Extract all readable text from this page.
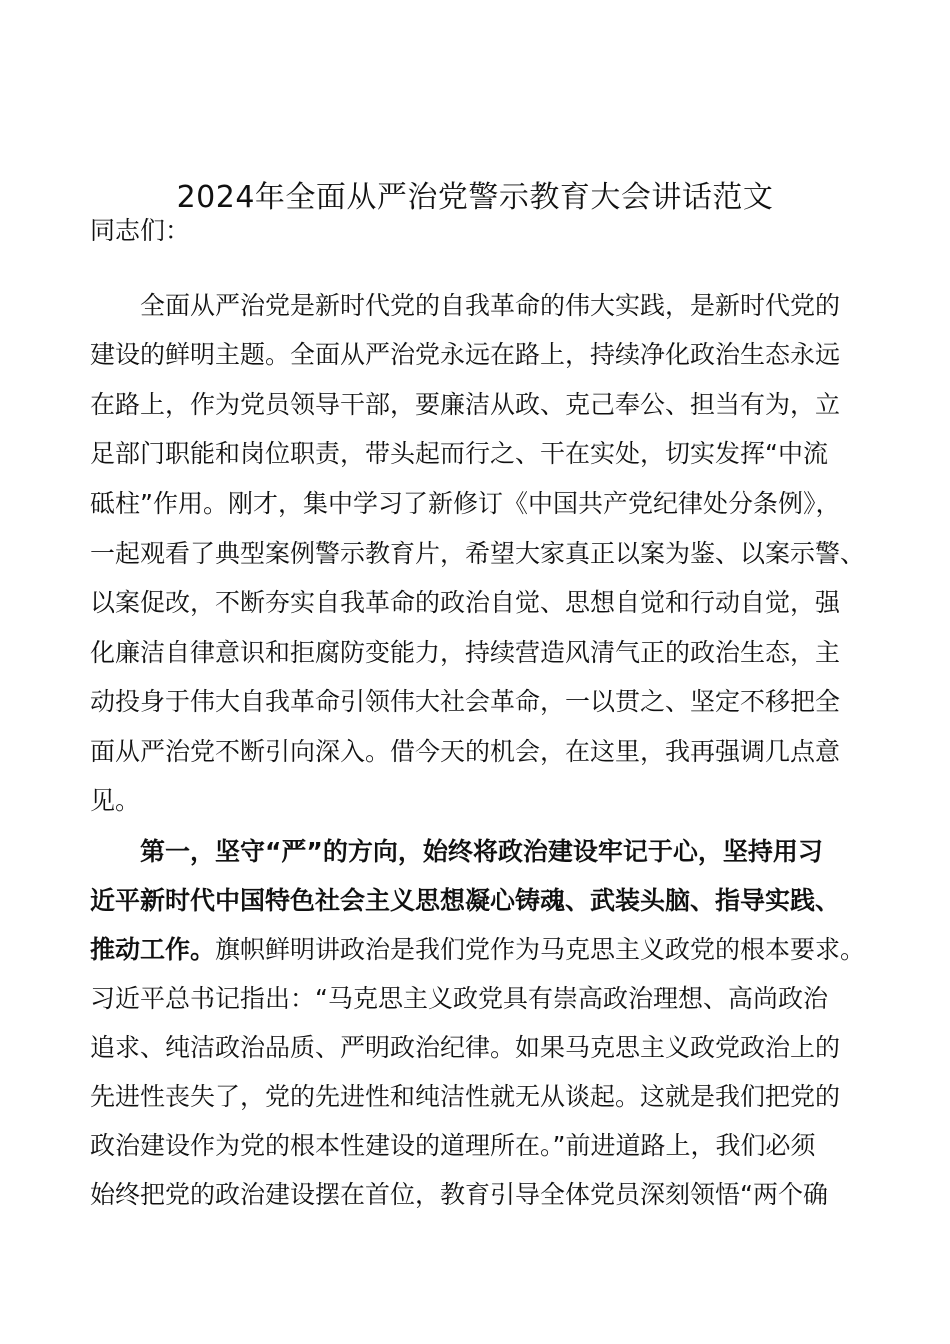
2024年全面从严治党警示教育大会讲话范文
同志们：
全面从严治党是新时代党的自我革命的伟大实践，是新时代党的
建设的鲜明主题。全面从严治党永远在路上，持续净化政治生态永远
在路上，作为党员领导干部，要廉洁从政、克己奉公、担当有为，立
足部门职能和岗位职责，带头起而行之、干在实处，切实发挥“中流
砥柱”作用。刚才，集中学习了新修订《中国共产党纪律处分条例》，
一起观看了典型案例警示教育片，希望大家真正以案为鉴、以案示警、
以案促改，不断夯实自我革命的政治自觉、思想自觉和行动自觉，强
化廉洁自律意识和拒腐防变能力，持续营造风清气正的政治生态，主
动投身于伟大自我革命引领伟大社会革命，一以贯之、坚定不移把全
面从严治党不断引向深入。借今天的机会，在这里，我再强调几点意
见。
第一，坚守“严”的方向，始终将政治建设牢记于心，坚持用习
近平新时代中国特色社会主义思想凝心铸魂、武装头脑、指导实践、
推动工作。旗帜鲜明讲政治是我们党作为马克思主义政党的根本要求。
习近平总书记指出：“马克思主义政党具有崇高政治理想、高尚政治
追求、纯洁政治品质、严明政治纪律。如果马克思主义政党政治上的
先进性丧失了，党的先进性和纯洁性就无从谈起。这就是我们把党的
政治建设作为党的根本性建设的道理所在。”前进道路上，我们必须
始终把党的政治建设摆在首位，教育引导全体党员深刻领悟“两个确
